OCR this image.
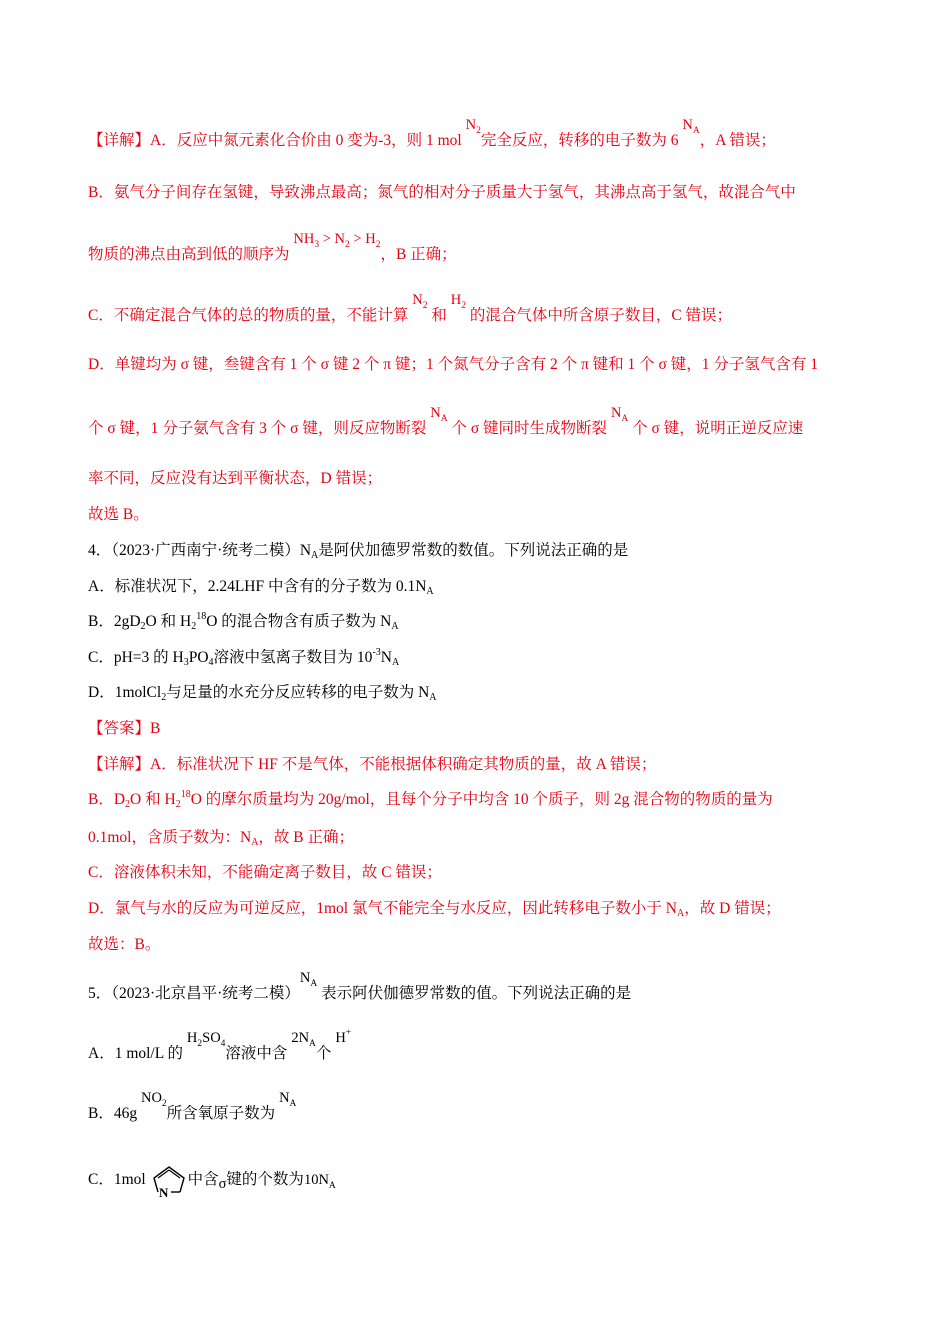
【详解】A．反应中氮元素化合价由 0 变为-3，则 1 mol $N_2$完全反应，转移的电子数为 6 $N_A$，A 错误；
B．氨气分子间存在氢键，导致沸点最高；氮气的相对分子质量大于氢气，其沸点高于氢气，故混合气中
物质的沸点由高到低的顺序为 $NH_3 > N_2 > H_2$，B 正确；
C．不确定混合气体的总的物质的量，不能计算 $N_2$ 和 $H_2$ 的混合气体中所含原子数目，C 错误；
D．单键均为 σ 键，叁键含有 1 个 σ 键 2 个 π 键；1 个氮气分子含有 2 个 π 键和 1 个 σ 键，1 分子氢气含有 1
个 σ 键，1 分子氨气含有 3 个 σ 键，则反应物断裂 $N_A$ 个 σ 键同时生成物断裂 $N_A$ 个 σ 键，说明正逆反应速
率不同，反应没有达到平衡状态，D 错误；
故选 B。
4．（2023·广西南宁·统考二模）$N_A$是阿伏加德罗常数的数值。下列说法正确的是
A．标准状况下，2.24LHF 中含有的分子数为 $0.1N_A$
B．$2gD_2O$ 和 $H_2^{18}O$ 的混合物含有质子数为 $N_A$
C．pH=3 的 $H_3PO_4$溶液中氢离子数目为 $10^{-3}N_A$
D．1molCl$_2$与足量的水充分反应转移的电子数为 $N_A$
【答案】B
【详解】A．标准状况下 HF 不是气体，不能根据体积确定其物质的量，故 A 错误；
B．$D_2O$ 和 $H_2^{18}O$ 的摩尔质量均为 20g/mol，且每个分子中均含 10 个质子，则 2g 混合物的物质的量为
0.1mol，含质子数为：$N_A$，故 B 正确；
C．溶液体积未知，不能确定离子数目，故 C 错误；
D．氯气与水的反应为可逆反应，1mol 氯气不能完全与水反应，因此转移电子数小于 $N_A$，故 D 错误；
故选：B。
5．（2023·北京昌平·统考二模）$N_A$ 表示阿伏伽德罗常数的值。下列说法正确的是
A．1 mol/L 的 $H_2SO_4$溶液中含 $2N_A$个 H+
B．46g $NO_2$所含氧原子数为 $N_A$
C．1mol
N
中含σ键的个数为$10N_A$
